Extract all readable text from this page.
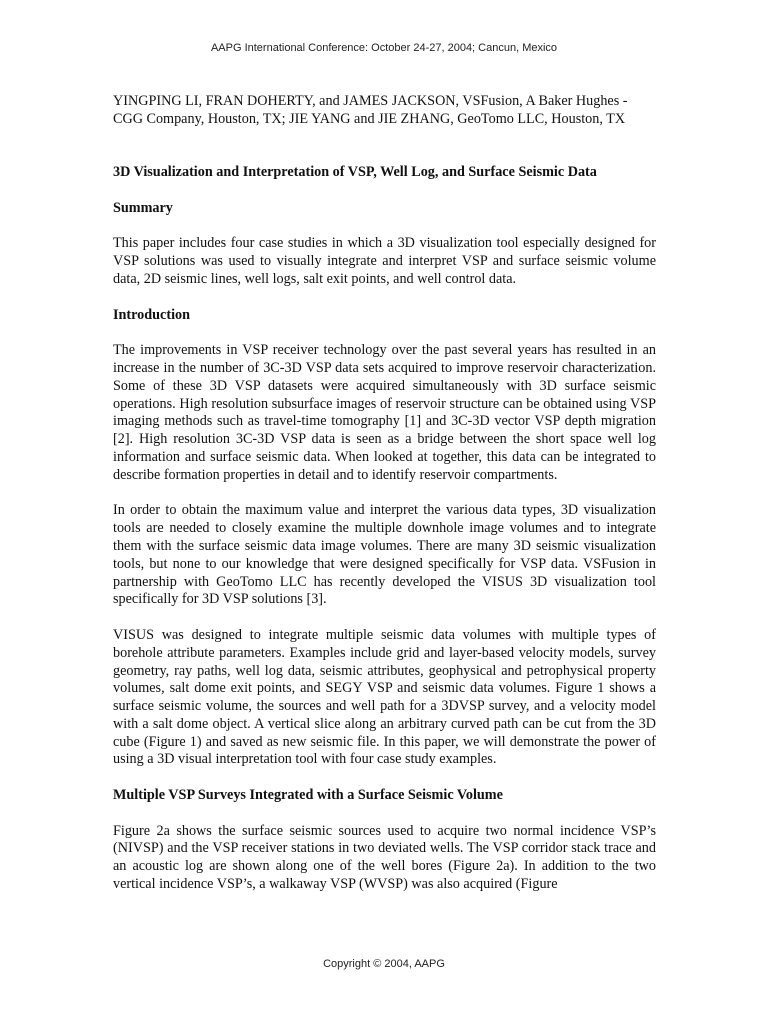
AAPG International Conference: October 24-27, 2004; Cancun, Mexico

YINGPING LI, FRAN DOHERTY, and JAMES JACKSON, VSFusion, A Baker Hughes - CGG Company, Houston, TX; JIE YANG and JIE ZHANG, GeoTomo LLC, Houston, TX

3D Visualization and Interpretation of VSP, Well Log, and Surface Seismic Data

Summary

This paper includes four case studies in which a 3D visualization tool especially designed for VSP solutions was used to visually integrate and interpret VSP and surface seismic volume data, 2D seismic lines, well logs, salt exit points, and well control data.

Introduction

The improvements in VSP receiver technology over the past several years has resulted in an increase in the number of 3C-3D VSP data sets acquired to improve reservoir characterization. Some of these 3D VSP datasets were acquired simultaneously with 3D surface seismic operations. High resolution subsurface images of reservoir structure can be obtained using VSP imaging methods such as travel-time tomography [1] and 3C-3D vector VSP depth migration [2]. High resolution 3C-3D VSP data is seen as a bridge between the short space well log information and surface seismic data. When looked at together, this data can be integrated to describe formation properties in detail and to identify reservoir compartments.

In order to obtain the maximum value and interpret the various data types, 3D visualization tools are needed to closely examine the multiple downhole image volumes and to integrate them with the surface seismic data image volumes. There are many 3D seismic visualization tools, but none to our knowledge that were designed specifically for VSP data. VSFusion in partnership with GeoTomo LLC has recently developed the VISUS 3D visualization tool specifically for 3D VSP solutions [3].

VISUS was designed to integrate multiple seismic data volumes with multiple types of borehole attribute parameters. Examples include grid and layer-based velocity models, survey geometry, ray paths, well log data, seismic attributes, geophysical and petrophysical property volumes, salt dome exit points, and SEGY VSP and seismic data volumes. Figure 1 shows a surface seismic volume, the sources and well path for a 3DVSP survey, and a velocity model with a salt dome object. A vertical slice along an arbitrary curved path can be cut from the 3D cube (Figure 1) and saved as new seismic file. In this paper, we will demonstrate the power of using a 3D visual interpretation tool with four case study examples.

Multiple VSP Surveys Integrated with a Surface Seismic Volume

Figure 2a shows the surface seismic sources used to acquire two normal incidence VSP’s (NIVSP) and the VSP receiver stations in two deviated wells. The VSP corridor stack trace and an acoustic log are shown along one of the well bores (Figure 2a). In addition to the two vertical incidence VSP’s, a walkaway VSP (WVSP) was also acquired (Figure

Copyright © 2004, AAPG
